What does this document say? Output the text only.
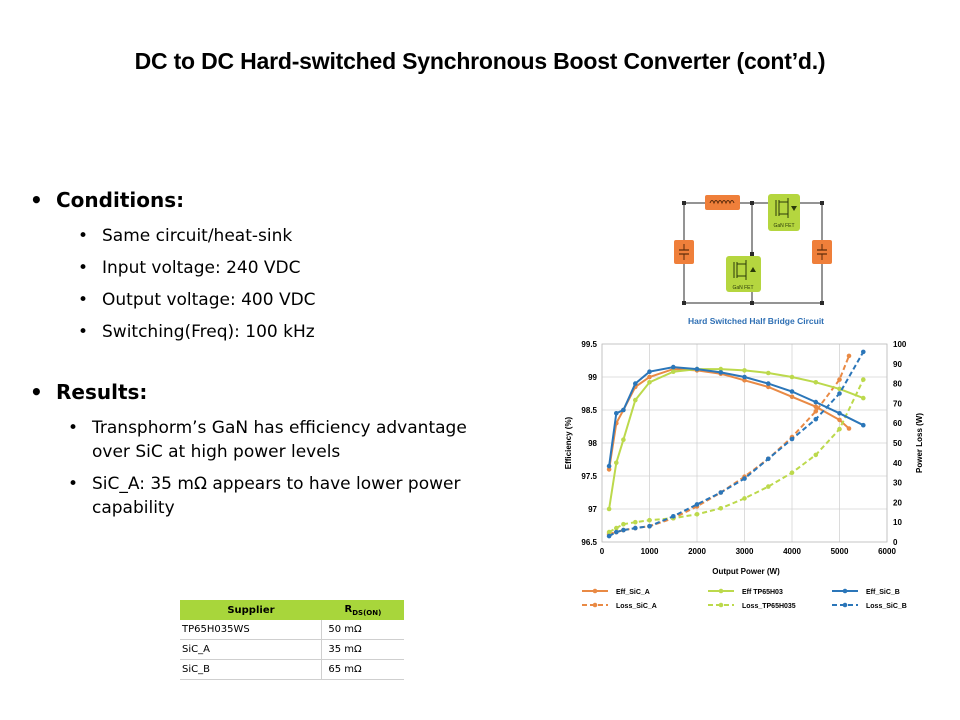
DC to DC Hard-switched Synchronous Boost Converter (cont’d.)
• Conditions:
• Same circuit/heat-sink
• Input voltage: 240 VDC
• Output voltage: 400 VDC
• Switching(Freq): 100 kHz
• Results:
• Transphorm’s GaN has efficiency advantage over SiC at high power levels
• SiC_A: 35 mΩ appears to have lower power capability
GaN FET
GaN FET
Hard Switched Half Bridge Circuit
96.5
97
97.5
98
98.5
99
99.5
0	1000	2000	3000	4000	5000	6000
0
10
20
30
40
50
60
70
80
90
100
Output Power (W)
Efficiency (%)	Power Loss (W)
Eff_SiC_A
Loss_SiC_A
Eff TP65H03
Loss_TP65H035
Eff_SiC_B
Loss_SiC_B
Supplier	$R_{DS(ON)}$
TP65H035WS	50 mΩ
SiC_A	35 mΩ
SiC_B	65 mΩ
